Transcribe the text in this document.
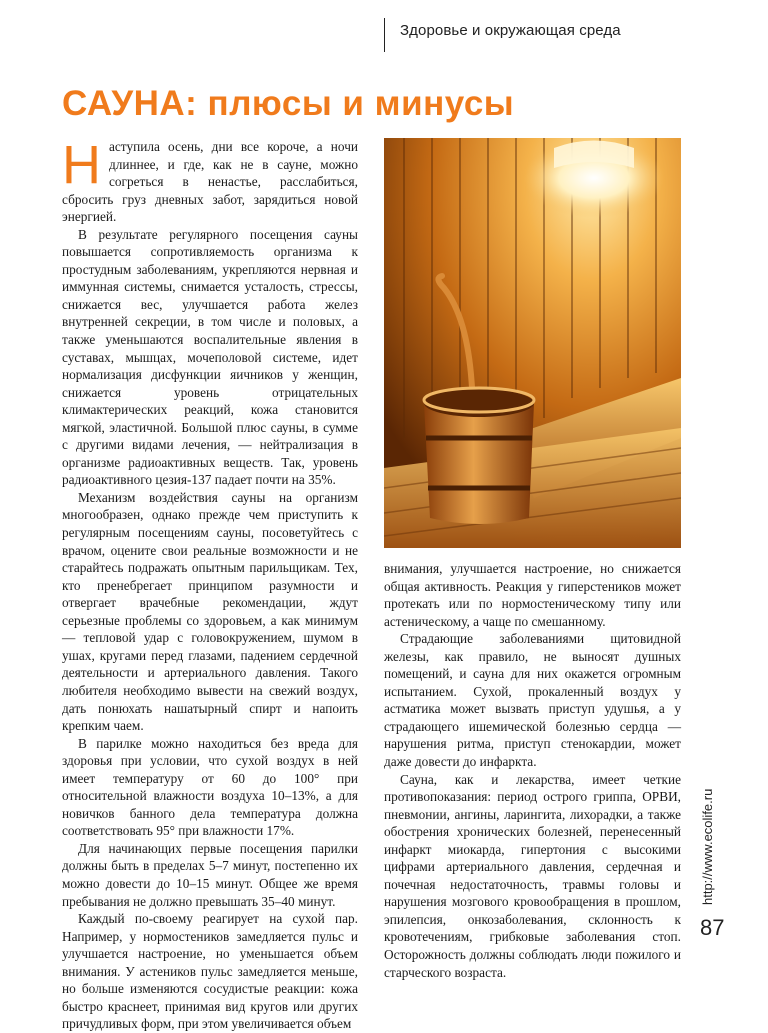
Здоровье и окружающая среда
САУНА: плюсы и минусы

Наступила осень, дни все короче, а ночи длиннее, и где, как не в сауне, можно согреться в ненастье, расслабиться, сбросить груз дневных забот, зарядиться новой энергией.

В результате регулярного посещения сауны повышается сопротивляемость организма к простудным заболеваниям, укрепляются нервная и иммунная системы, снимается усталость, стрессы, снижается вес, улучшается работа желез внутренней секреции, в том числе и половых, а также уменьшаются воспалительные явления в суставах, мышцах, мочеполовой системе, идет нормализация дисфункции яичников у женщин, снижается уровень отрицательных климактерических реакций, кожа становится мягкой, эластичной. Большой плюс сауны, в сумме с другими видами лечения, — нейтрализация в организме радиоактивных веществ. Так, уровень радиоактивного цезия-137 падает почти на 35%.

Механизм воздействия сауны на организм многообразен, однако прежде чем приступить к регулярным посещениям сауны, посоветуйтесь с врачом, оцените свои реальные возможности и не старайтесь подражать опытным парильщикам. Тех, кто пренебрегает принципом разумности и отвергает врачебные рекомендации, ждут серьезные проблемы со здоровьем, а как минимум — тепловой удар с головокружением, шумом в ушах, кругами перед глазами, падением сердечной деятельности и артериального давления. Такого любителя необходимо вывести на свежий воздух, дать понюхать нашатырный спирт и напоить крепким чаем.

В парилке можно находиться без вреда для здоровья при условии, что сухой воздух в ней имеет температуру от 60 до 100° при относительной влажности воздуха 10–13%, а для новичков банного дела температура должна соответствовать 95° при влажности 17%.

Для начинающих первые посещения парилки должны быть в пределах 5–7 минут, постепенно их можно довести до 10–15 минут. Общее же время пребывания не должно превышать 35–40 минут.

Каждый по-своему реагирует на сухой пар. Например, у нормостеников замедляется пульс и улучшается настроение, но уменьшается объем внимания. У астеников пульс замедляется меньше, но больше изменяются сосудистые реакции: кожа быстро краснеет, принимая вид кругов или других причудливых форм, при этом увеличивается объем

внимания, улучшается настроение, но снижается общая активность. Реакция у гиперстеников может протекать или по нормостеническому типу или астеническому, а чаще по смешанному.

Страдающие заболеваниями щитовидной железы, как правило, не выносят душных помещений, и сауна для них окажется огромным испытанием. Сухой, прокаленный воздух у астматика может вызвать приступ удушья, а у страдающего ишемической болезнью сердца — нарушения ритма, приступ стенокардии, может даже довести до инфаркта.

Сауна, как и лекарства, имеет четкие противопоказания: период острого гриппа, ОРВИ, пневмонии, ангины, ларингита, лихорадки, а также обострения хронических болезней, перенесенный инфаркт миокарда, гипертония с высокими цифрами артериального давления, сердечная и почечная недостаточность, травмы головы и нарушения мозгового кровообращения в прошлом, эпилепсия, онкозаболевания, склонность к кровотечениям, грибковые заболевания стоп. Осторожность должны соблюдать люди пожилого и старческого возраста.

http://www.ecolife.ru
87
